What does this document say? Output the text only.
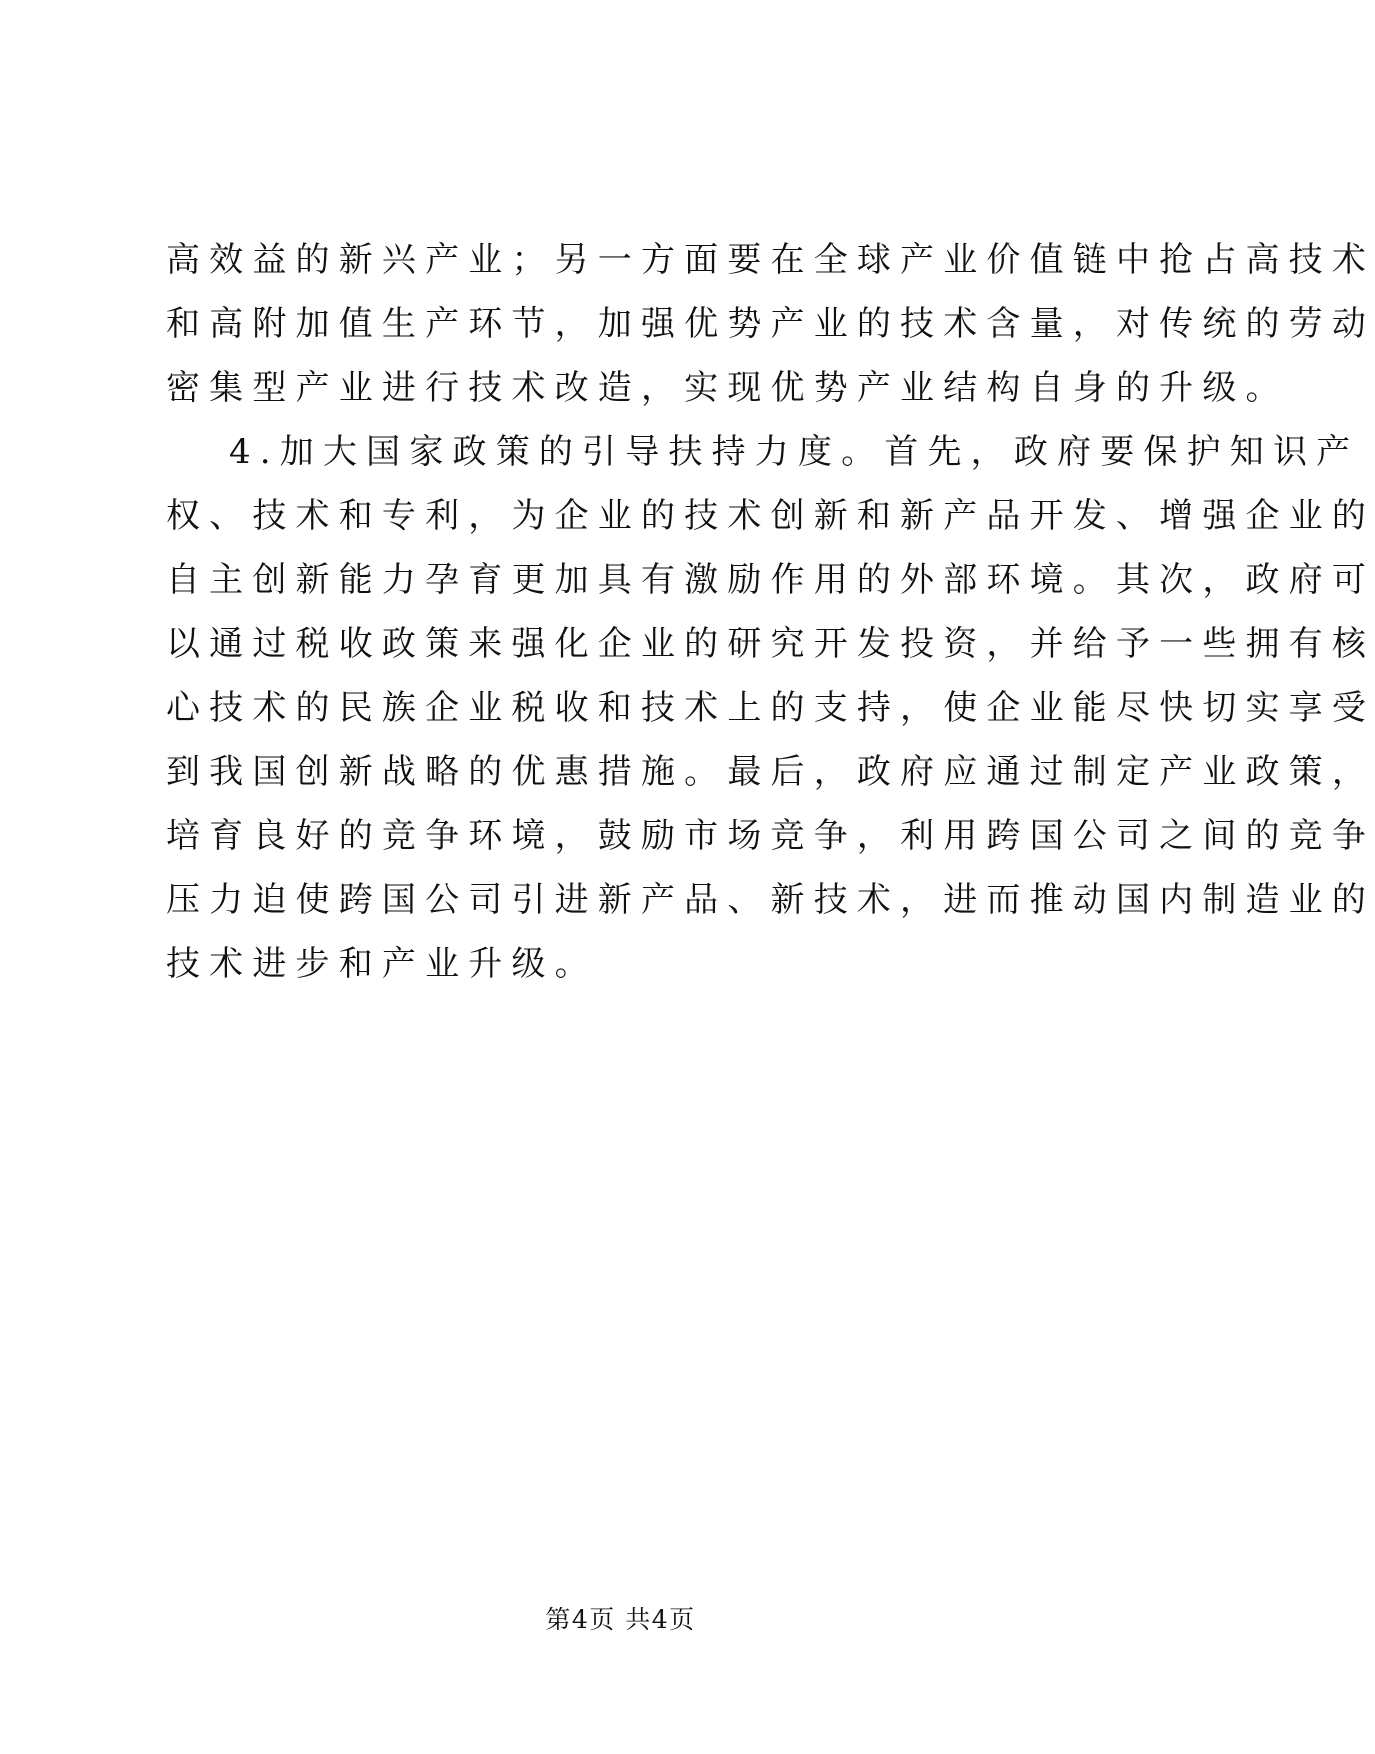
高效益的新兴产业；另一方面要在全球产业价值链中抢占高技术
和高附加值生产环节，加强优势产业的技术含量，对传统的劳动
密集型产业进行技术改造，实现优势产业结构自身的升级。
4.加大国家政策的引导扶持力度。首先，政府要保护知识产
权、技术和专利，为企业的技术创新和新产品开发、增强企业的
自主创新能力孕育更加具有激励作用的外部环境。其次，政府可
以通过税收政策来强化企业的研究开发投资，并给予一些拥有核
心技术的民族企业税收和技术上的支持，使企业能尽快切实享受
到我国创新战略的优惠措施。最后，政府应通过制定产业政策，
培育良好的竞争环境，鼓励市场竞争，利用跨国公司之间的竞争
压力迫使跨国公司引进新产品、新技术，进而推动国内制造业的
技术进步和产业升级。
第4页 共4页
